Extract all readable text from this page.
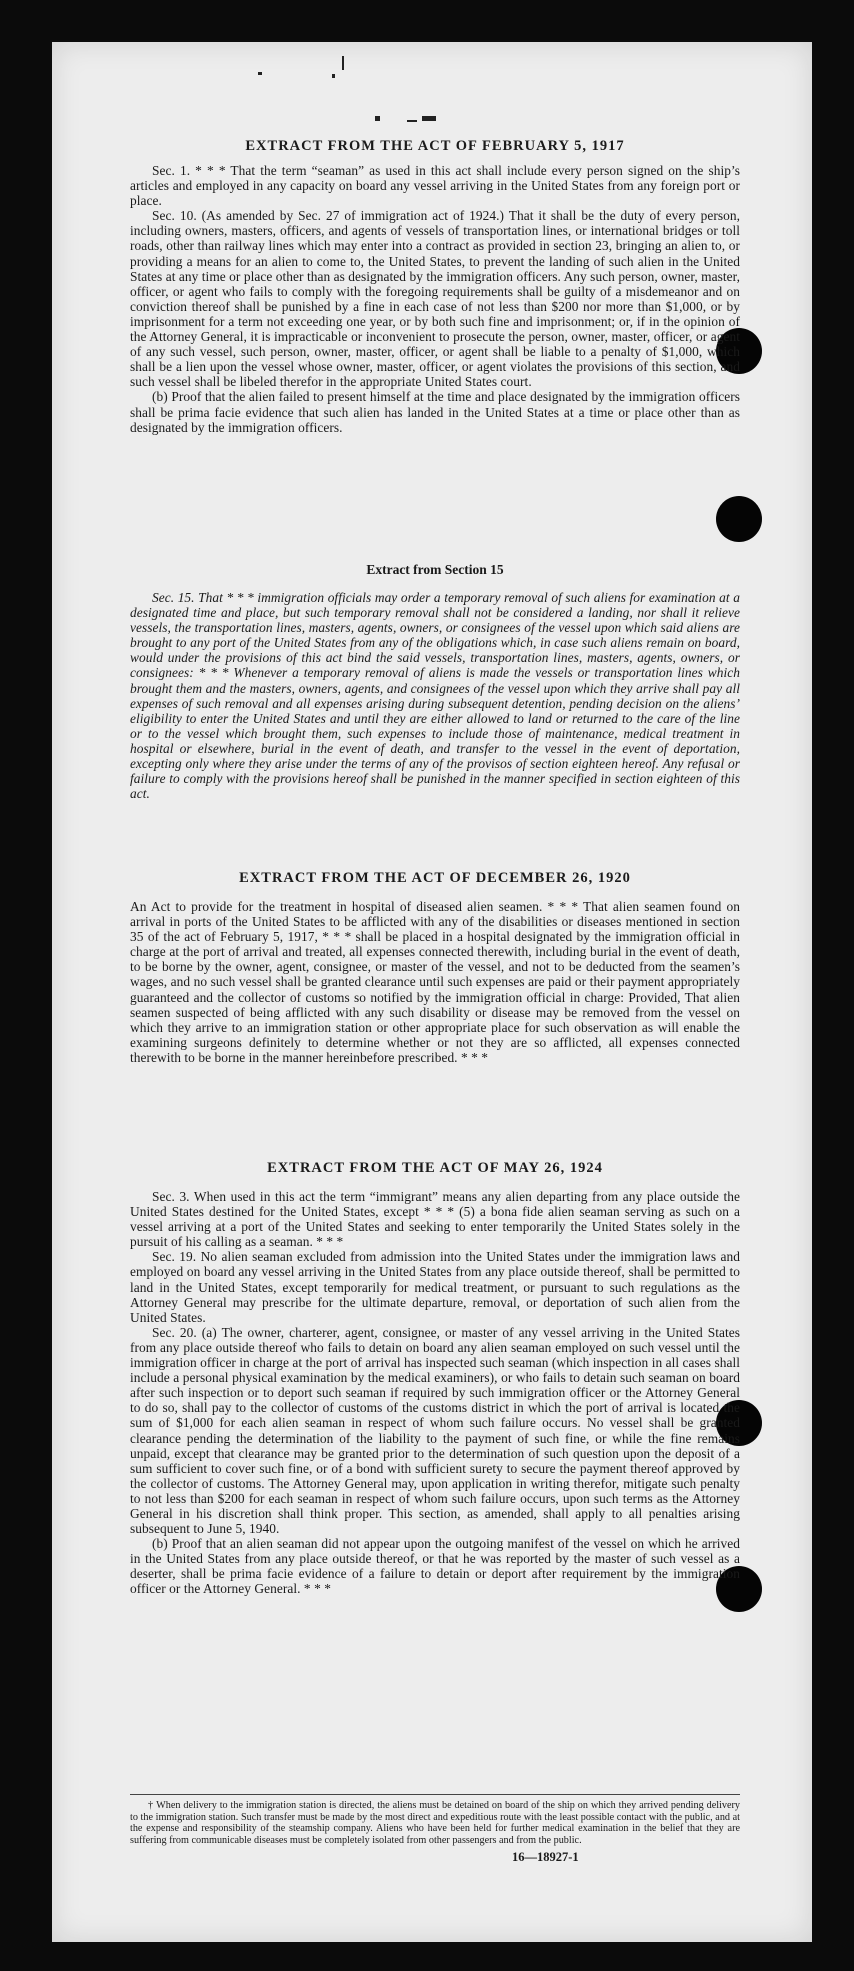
EXTRACT FROM THE ACT OF FEBRUARY 5, 1917

Sec. 1. * * * That the term “seaman” as used in this act shall include every person signed on the ship’s articles and employed in any capacity on board any vessel arriving in the United States from any foreign port or place.

Sec. 10. (As amended by Sec. 27 of immigration act of 1924.) That it shall be the duty of every person, including owners, masters, officers, and agents of vessels of transportation lines, or international bridges or toll roads, other than railway lines which may enter into a contract as provided in section 23, bringing an alien to, or providing a means for an alien to come to, the United States, to prevent the landing of such alien in the United States at any time or place other than as designated by the immigration officers. Any such person, owner, master, officer, or agent who fails to comply with the foregoing requirements shall be guilty of a misdemeanor and on conviction thereof shall be punished by a fine in each case of not less than $200 nor more than $1,000, or by imprisonment for a term not exceeding one year, or by both such fine and imprisonment; or, if in the opinion of the Attorney General, it is impracticable or inconvenient to prosecute the person, owner, master, officer, or agent of any such vessel, such person, owner, master, officer, or agent shall be liable to a penalty of $1,000, which shall be a lien upon the vessel whose owner, master, officer, or agent violates the provisions of this section, and such vessel shall be libeled therefor in the appropriate United States court.

(b) Proof that the alien failed to present himself at the time and place designated by the immigration officers shall be prima facie evidence that such alien has landed in the United States at a time or place other than as designated by the immigration officers.

Extract from Section 15

Sec. 15. That * * * immigration officials may order a temporary removal of such aliens for examination at a designated time and place, but such temporary removal shall not be considered a landing, nor shall it relieve vessels, the transportation lines, masters, agents, owners, or consignees of the vessel upon which said aliens are brought to any port of the United States from any of the obligations which, in case such aliens remain on board, would under the provisions of this act bind the said vessels, transportation lines, masters, agents, owners, or consignees: * * * Whenever a temporary removal of aliens is made the vessels or transportation lines which brought them and the masters, owners, agents, and consignees of the vessel upon which they arrive shall pay all expenses of such removal and all expenses arising during subsequent detention, pending decision on the aliens’ eligibility to enter the United States and until they are either allowed to land or returned to the care of the line or to the vessel which brought them, such expenses to include those of maintenance, medical treatment in hospital or elsewhere, burial in the event of death, and transfer to the vessel in the event of deportation, excepting only where they arise under the terms of any of the provisos of section eighteen hereof. Any refusal or failure to comply with the provisions hereof shall be punished in the manner specified in section eighteen of this act.

EXTRACT FROM THE ACT OF DECEMBER 26, 1920

An Act to provide for the treatment in hospital of diseased alien seamen. * * * That alien seamen found on arrival in ports of the United States to be afflicted with any of the disabilities or diseases mentioned in section 35 of the act of February 5, 1917, * * * shall be placed in a hospital designated by the immigration official in charge at the port of arrival and treated, all expenses connected therewith, including burial in the event of death, to be borne by the owner, agent, consignee, or master of the vessel, and not to be deducted from the seamen’s wages, and no such vessel shall be granted clearance until such expenses are paid or their payment appropriately guaranteed and the collector of customs so notified by the immigration official in charge: Provided, That alien seamen suspected of being afflicted with any such disability or disease may be removed from the vessel on which they arrive to an immigration station or other appropriate place for such observation as will enable the examining surgeons definitely to determine whether or not they are so afflicted, all expenses connected therewith to be borne in the manner hereinbefore prescribed. * * *

EXTRACT FROM THE ACT OF MAY 26, 1924

Sec. 3. When used in this act the term “immigrant” means any alien departing from any place outside the United States destined for the United States, except * * * (5) a bona fide alien seaman serving as such on a vessel arriving at a port of the United States and seeking to enter temporarily the United States solely in the pursuit of his calling as a seaman. * * *

Sec. 19. No alien seaman excluded from admission into the United States under the immigration laws and employed on board any vessel arriving in the United States from any place outside thereof, shall be permitted to land in the United States, except temporarily for medical treatment, or pursuant to such regulations as the Attorney General may prescribe for the ultimate departure, removal, or deportation of such alien from the United States.

Sec. 20. (a) The owner, charterer, agent, consignee, or master of any vessel arriving in the United States from any place outside thereof who fails to detain on board any alien seaman employed on such vessel until the immigration officer in charge at the port of arrival has inspected such seaman (which inspection in all cases shall include a personal physical examination by the medical examiners), or who fails to detain such seaman on board after such inspection or to deport such seaman if required by such immigration officer or the Attorney General to do so, shall pay to the collector of customs of the customs district in which the port of arrival is located the sum of $1,000 for each alien seaman in respect of whom such failure occurs. No vessel shall be granted clearance pending the determination of the liability to the payment of such fine, or while the fine remains unpaid, except that clearance may be granted prior to the determination of such question upon the deposit of a sum sufficient to cover such fine, or of a bond with sufficient surety to secure the payment thereof approved by the collector of customs. The Attorney General may, upon application in writing therefor, mitigate such penalty to not less than $200 for each seaman in respect of whom such failure occurs, upon such terms as the Attorney General in his discretion shall think proper. This section, as amended, shall apply to all penalties arising subsequent to June 5, 1940.

(b) Proof that an alien seaman did not appear upon the outgoing manifest of the vessel on which he arrived in the United States from any place outside thereof, or that he was reported by the master of such vessel as a deserter, shall be prima facie evidence of a failure to detain or deport after requirement by the immigration officer or the Attorney General. * * *

† When delivery to the immigration station is directed, the aliens must be detained on board of the ship on which they arrived pending delivery to the immigration station. Such transfer must be made by the most direct and expeditious route with the least possible contact with the public, and at the expense and responsibility of the steamship company. Aliens who have been held for further medical examination in the belief that they are suffering from communicable diseases must be completely isolated from other passengers and from the public.

16—18927-1
